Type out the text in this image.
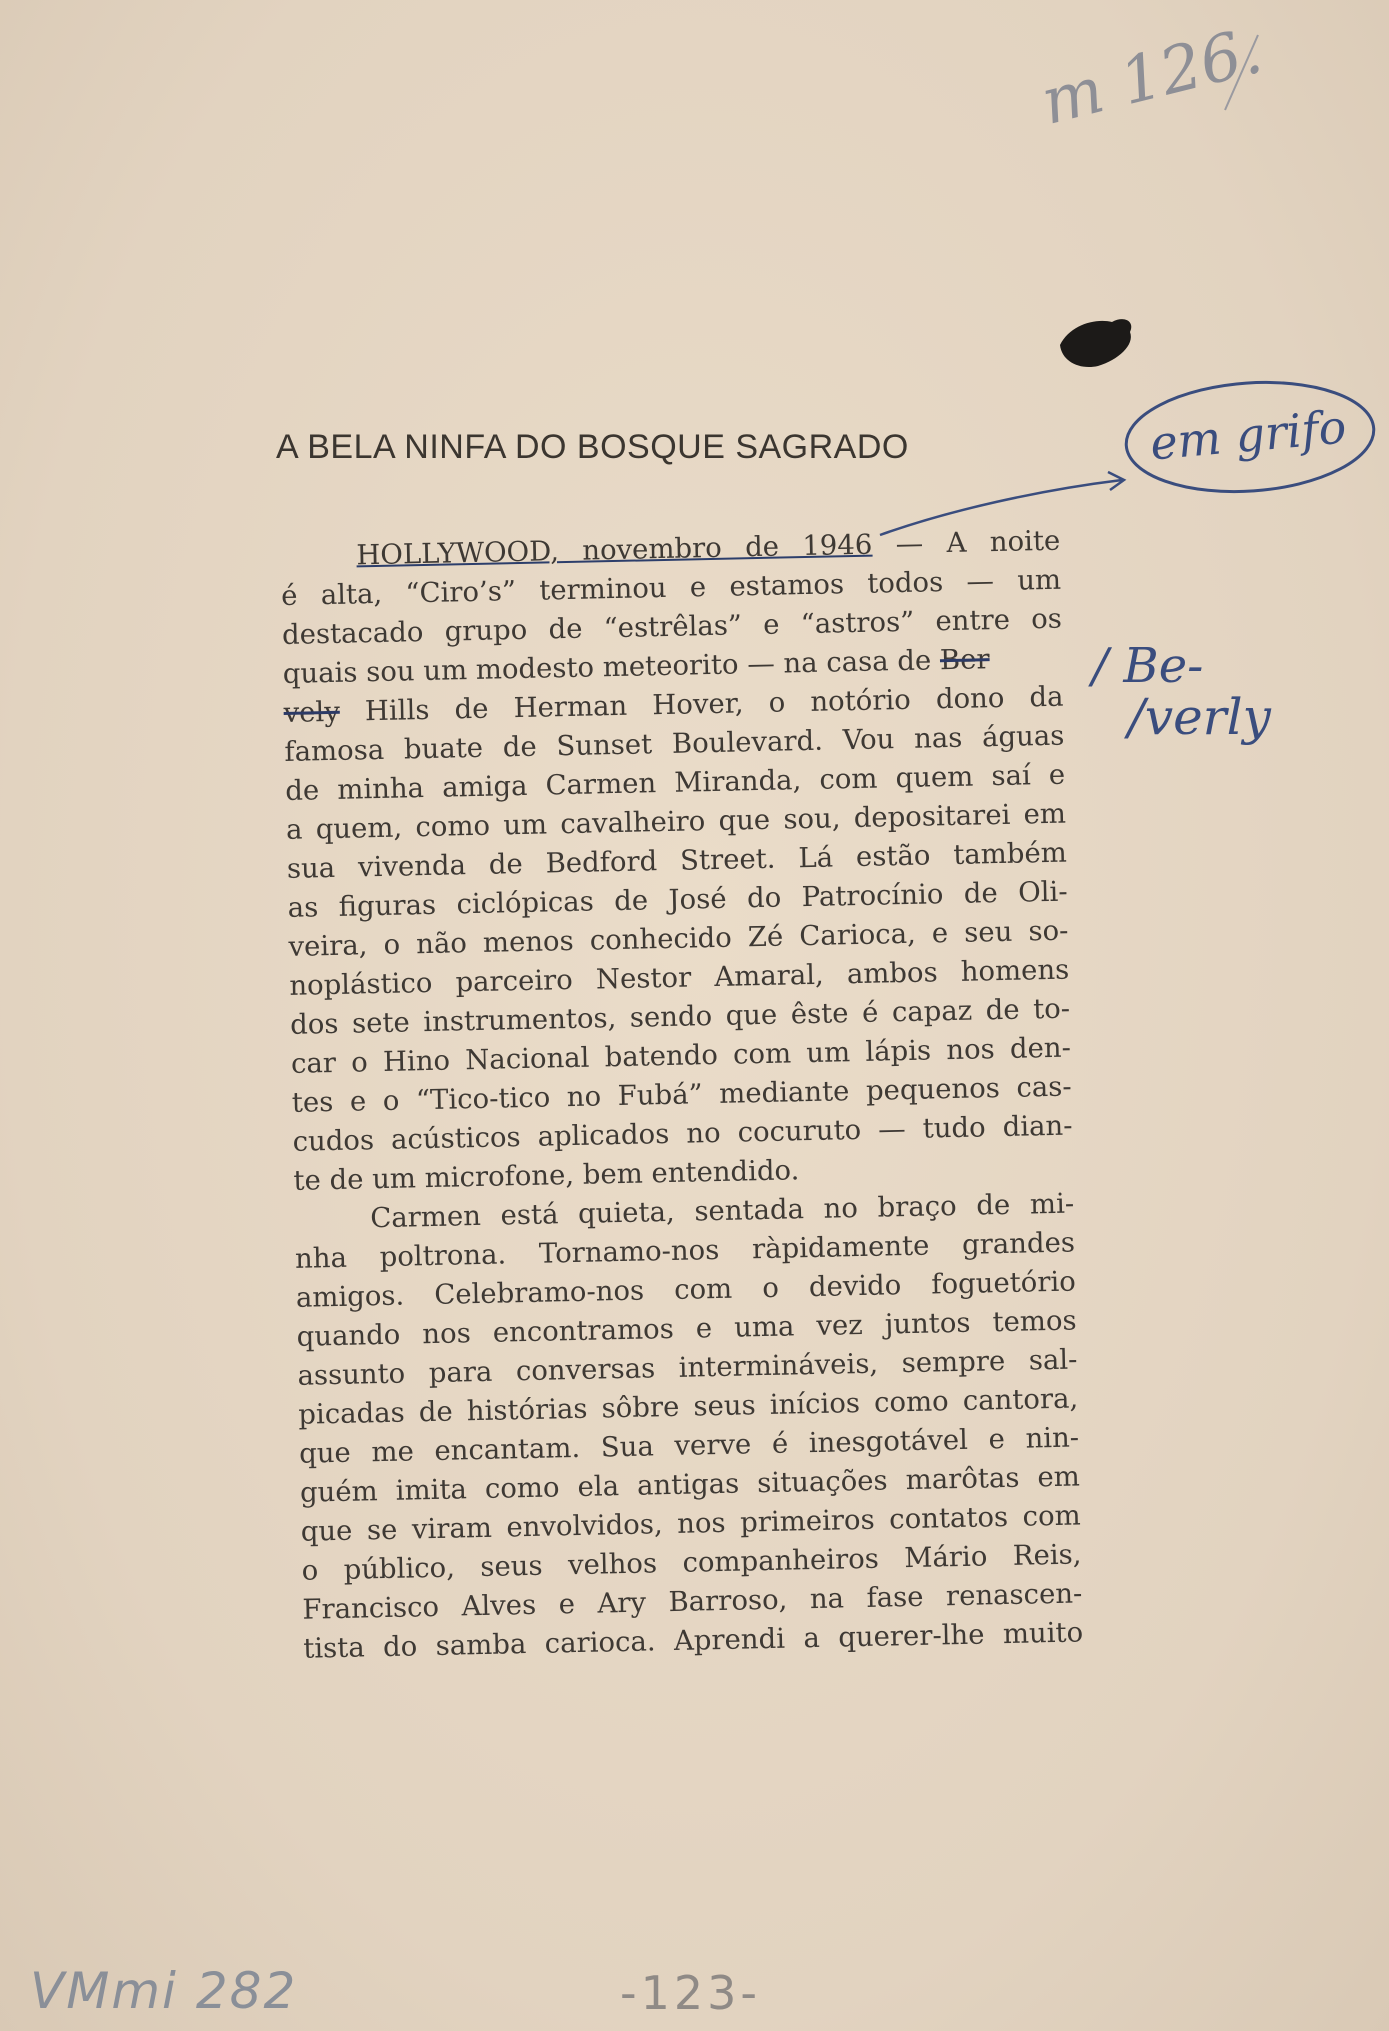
m 126.
A BELA NINFA DO BOSQUE SAGRADO	em grifo
/ Be-
/verly
HOLLYWOOD, novembro de 1946 — A noite
é alta, “Ciro’s” terminou e estamos todos — um
destacado grupo de “estrêlas” e “astros” entre os
quais sou um modesto meteorito — na casa de Ber
vely Hills de Herman Hover, o notório dono da
famosa buate de Sunset Boulevard. Vou nas águas
de minha amiga Carmen Miranda, com quem saí e
a quem, como um cavalheiro que sou, depositarei em
sua vivenda de Bedford Street. Lá estão também
as figuras ciclópicas de José do Patrocínio de Oli-
veira, o não menos conhecido Zé Carioca, e seu so-
noplástico parceiro Nestor Amaral, ambos homens
dos sete instrumentos, sendo que êste é capaz de to-
car o Hino Nacional batendo com um lápis nos den-
tes e o “Tico-tico no Fubá” mediante pequenos cas-
cudos acústicos aplicados no cocuruto — tudo dian-
te de um microfone, bem entendido.
Carmen está quieta, sentada no braço de mi-
nha poltrona. Tornamo-nos ràpidamente grandes
amigos. Celebramo-nos com o devido foguetório
quando nos encontramos e uma vez juntos temos
assunto para conversas intermináveis, sempre sal-
picadas de histórias sôbre seus inícios como cantora,
que me encantam. Sua verve é inesgotável e nin-
guém imita como ela antigas situações marôtas em
que se viram envolvidos, nos primeiros contatos com
o público, seus velhos companheiros Mário Reis,
Francisco Alves e Ary Barroso, na fase renascen-
tista do samba carioca. Aprendi a querer-lhe muito
VMmi 282	-123-
